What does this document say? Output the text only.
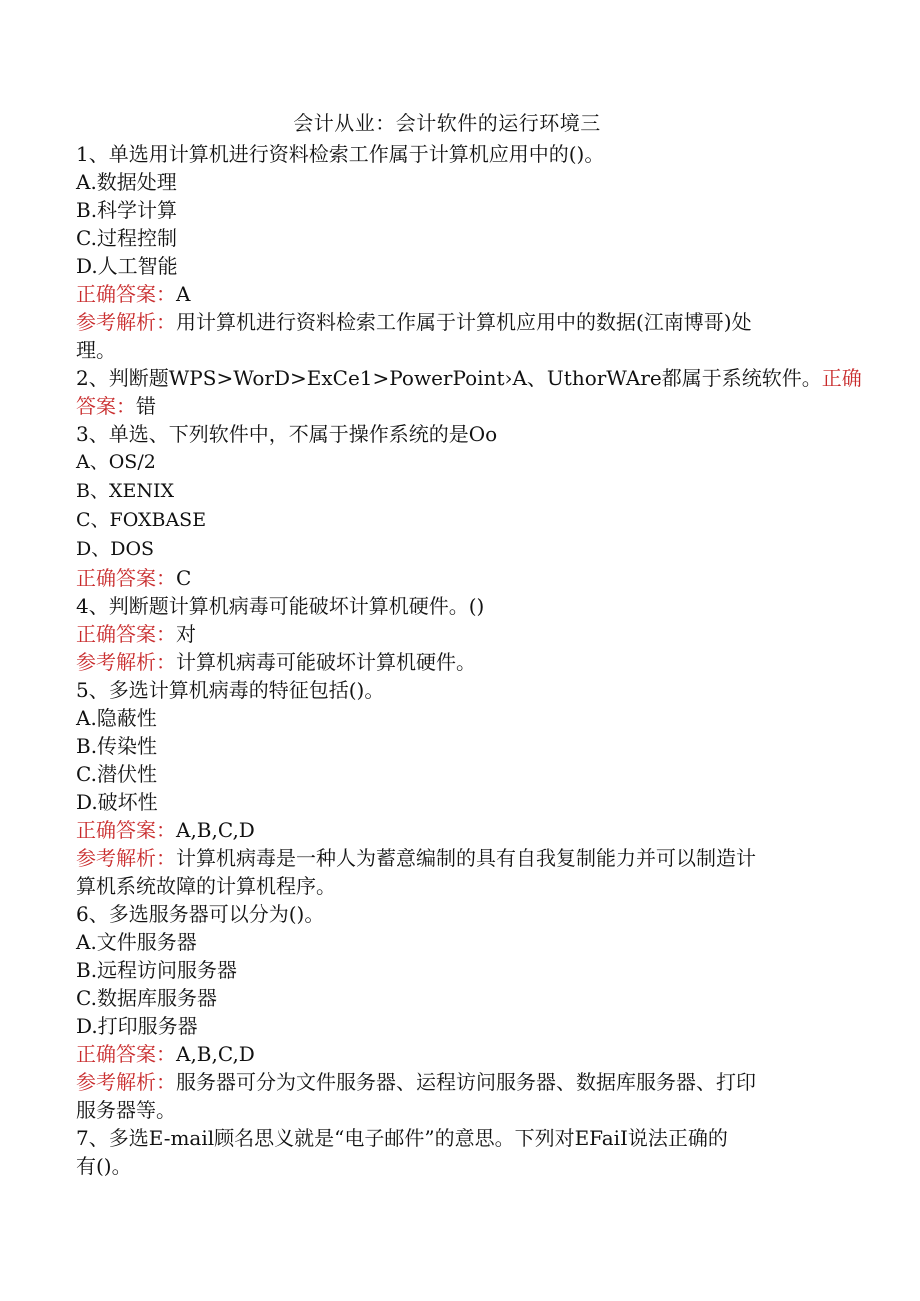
会计从业：会计软件的运行环境三
1、单选用计算机进行资料检索工作属于计算机应用中的()。
A.数据处理
B.科学计算
C.过程控制
D.人工智能
正确答案：A
参考解析：用计算机进行资料检索工作属于计算机应用中的数据(江南博哥)处
理。
2、判断题WPS>WorD>ExCe1>PowerPoint›A、UthorWAre都属于系统软件。正确
答案：错
3、单选、下列软件中，不属于操作系统的是Oo
A、OS/2
B、XENIX
C、FOXBASE
D、DOS
正确答案：C
4、判断题计算机病毒可能破坏计算机硬件。()
正确答案：对
参考解析：计算机病毒可能破坏计算机硬件。
5、多选计算机病毒的特征包括()。
A.隐蔽性
B.传染性
C.潜伏性
D.破坏性
正确答案：A,B,C,D
参考解析：计算机病毒是一种人为蓄意编制的具有自我复制能力并可以制造计
算机系统故障的计算机程序。
6、多选服务器可以分为()。
A.文件服务器
B.远程访问服务器
C.数据库服务器
D.打印服务器
正确答案：A,B,C,D
参考解析：服务器可分为文件服务器、运程访问服务器、数据库服务器、打印
服务器等。
7、多选E-mail顾名思义就是“电子邮件”的意思。下列对EFaiI说法正确的
有()。
